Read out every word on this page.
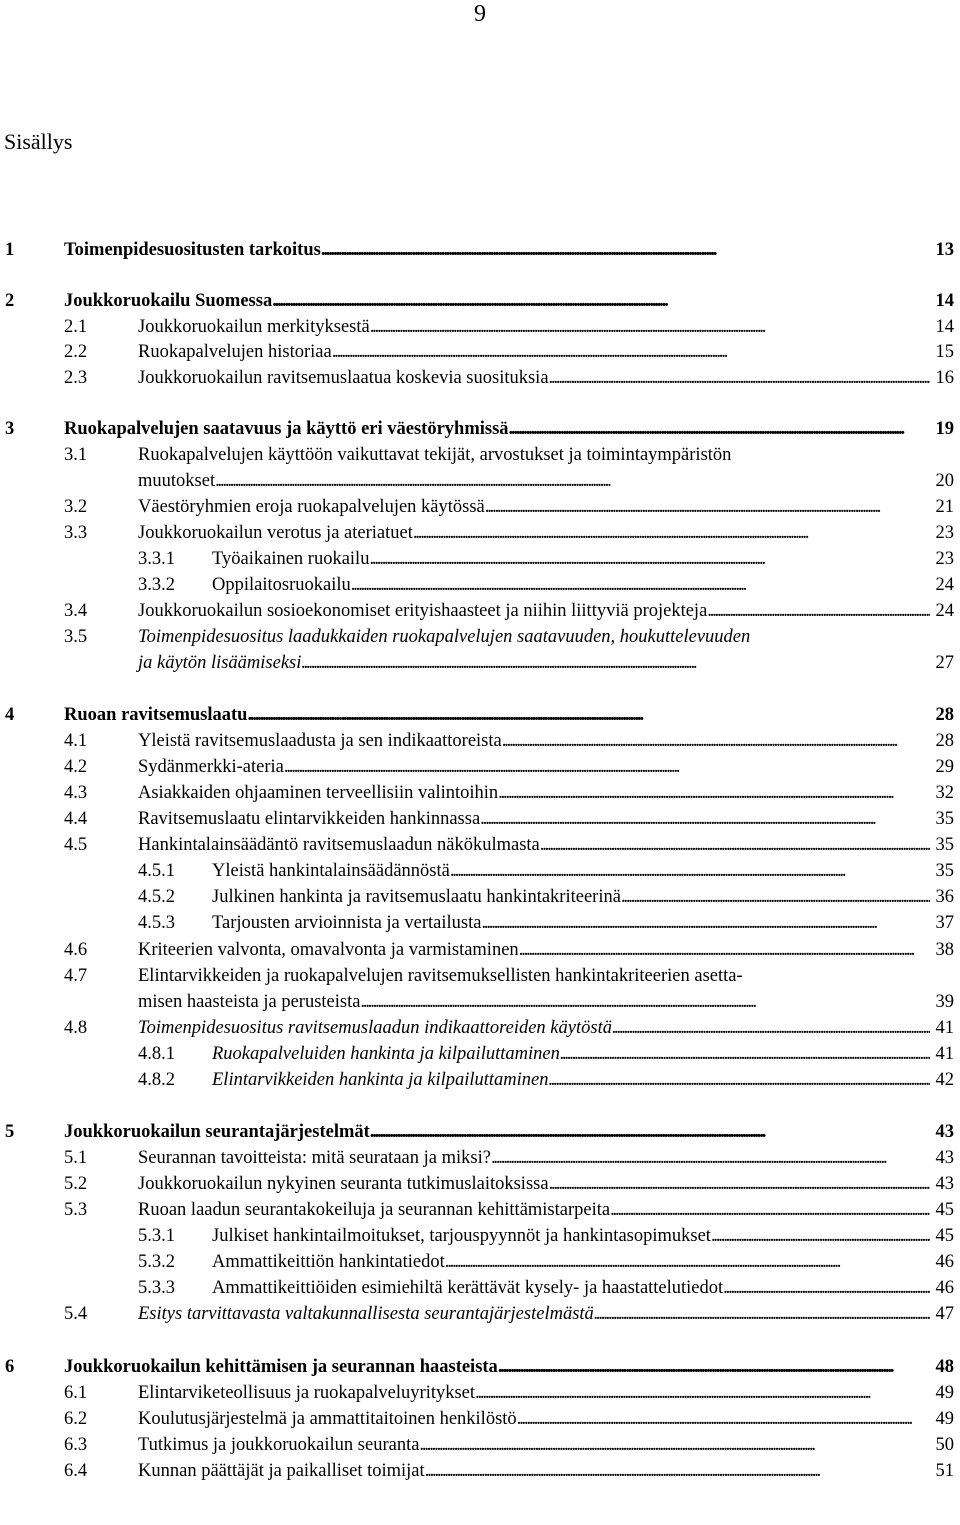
9
Sisällys
1	Toimenpidesuositusten tarkoitus . . .	13
2	Joukkoruokailu Suomessa . . .	14
2.1	Joukkoruokailun merkityksestä . . .	14
2.2	Ruokapalvelujen historiaa . . .	15
2.3	Joukkoruokailun ravitsemuslaatua koskevia suosituksia . . .	16
3	Ruokapalvelujen saatavuus ja käyttö eri väestöryhmissä . . .	19
3.1	Ruokapalvelujen käyttöön vaikuttavat tekijät, arvostukset ja toimintaympäristön
muutokset . . .	20
3.2	Väestöryhmien eroja ruokapalvelujen käytössä . . .	21
3.3	Joukkoruokailun verotus ja ateriatuet . . .	23
3.3.1 Työaikainen ruokailu . . .	23
3.3.2 Oppilaitosruokailu . . .	24
3.4	Joukkoruokailun sosioekonomiset erityishaasteet ja niihin liittyviä projekteja . . .	24
3.5	Toimenpidesuositus laadukkaiden ruokapalvelujen saatavuuden, houkuttelevuuden
ja käytön lisäämiseksi . . .	27
4	Ruoan ravitsemuslaatu . . .	28
4.1	Yleistä ravitsemuslaadusta ja sen indikaattoreista . . .	28
4.2	Sydänmerkki-ateria . . .	29
4.3	Asiakkaiden ohjaaminen terveellisiin valintoihin . . .	32
4.4	Ravitsemuslaatu elintarvikkeiden hankinnassa . . .	35
4.5	Hankintalainsäädäntö ravitsemuslaadun näkökulmasta . . .	35
4.5.1 Yleistä hankintalainsäädännöstä . . .	35
4.5.2 Julkinen hankinta ja ravitsemuslaatu hankintakriteerinä . . .	36
4.5.3 Tarjousten arvioinnista ja vertailusta . . .	37
4.6	Kriteerien valvonta, omavalvonta ja varmistaminen . . .	38
4.7	Elintarvikkeiden ja ruokapalvelujen ravitsemuksellisten hankintakriteerien asetta-
misen haasteista ja perusteista . . .	39
4.8	Toimenpidesuositus ravitsemuslaadun indikaattoreiden käytöstä . . .	41
4.8.1 Ruokapalveluiden hankinta ja kilpailuttaminen . . .	41
4.8.2 Elintarvikkeiden hankinta ja kilpailuttaminen . . .	42
5	Joukkoruokailun seurantajärjestelmät . . .	43
5.1	Seurannan tavoitteista: mitä seurataan ja miksi? . . .	43
5.2	Joukkoruokailun nykyinen seuranta tutkimuslaitoksissa . . .	43
5.3	Ruoan laadun seurantakokeiluja ja seurannan kehittämistarpeita . . .	45
5.3.1 Julkiset hankintailmoitukset, tarjouspyynnöt ja hankintasopimukset . . .	45
5.3.2 Ammattikeittiön hankintatiedot . . .	46
5.3.3 Ammattikeittiöiden esimiehiltä kerättävät kysely- ja haastattelutiedot . . .	46
5.4	Esitys tarvittavasta valtakunnallisesta seurantajärjestelmästä . . .	47
6	Joukkoruokailun kehittämisen ja seurannan haasteista . . .	48
6.1	Elintarviketeollisuus ja ruokapalveluyritykset . . .	49
6.2	Koulutusjärjestelmä ja ammattitaitoinen henkilöstö . . .	49
6.3	Tutkimus ja joukkoruokailun seuranta . . .	50
6.4	Kunnan päättäjät ja paikalliset toimijat . . .	51
